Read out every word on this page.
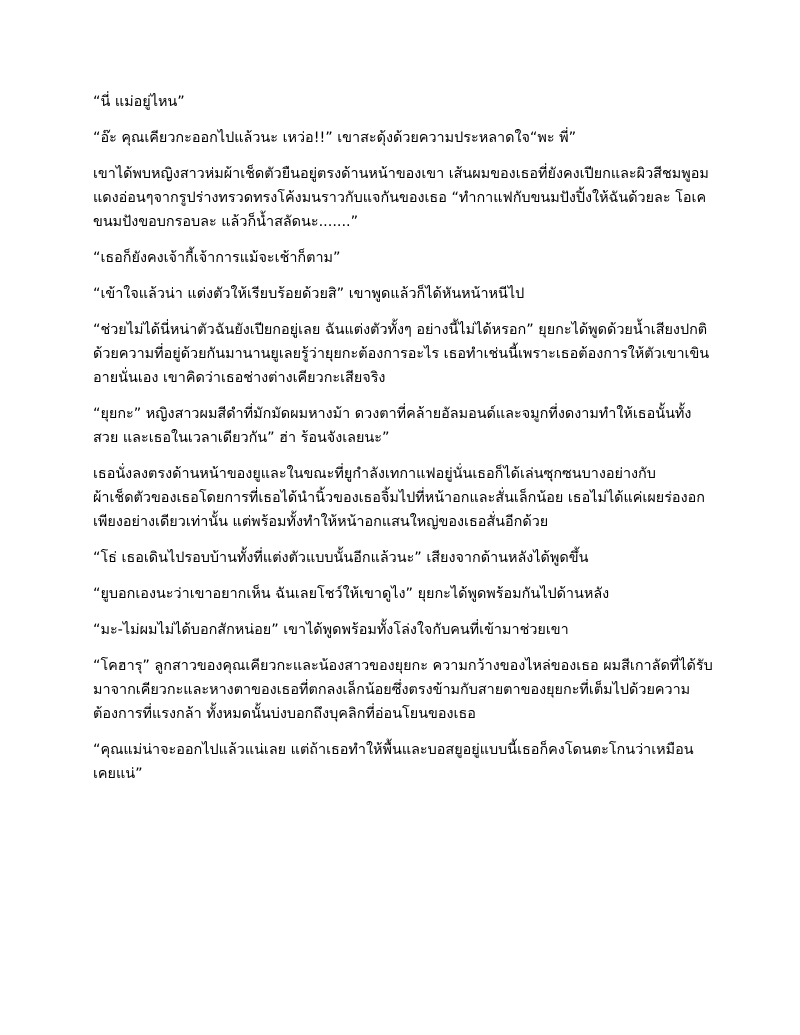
“นี่ แม่อยู่ไหน”

“อ๊ะ คุณเคียวกะออกไปแล้วนะ เหว่อ!!” เขาสะดุ้งด้วยความประหลาดใจ“พะ พี่”

เขาได้พบหญิงสาวห่มผ้าเช็ดตัวยืนอยู่ตรงด้านหน้าของเขา เส้นผมของเธอที่ยังคงเปียกและผิวสีชมพูอมแดงอ่อนๆจากรูปร่างทรวดทรงโค้งมนราวกับแจกันของเธอ “ทำกาแฟกับขนมปังปิ้งให้ฉันด้วยละ โอเค ขนมปังขอบกรอบละ แล้วก็น้ำสลัดนะ.......”

“เธอก็ยังคงเจ้ากี้เจ้าการแม้จะเช้าก็ตาม”

“เข้าใจแล้วน่า แต่งตัวให้เรียบร้อยด้วยสิ” เขาพูดแล้วก็ได้หันหน้าหนีไป

“ช่วยไม่ได้นี่หน่าตัวฉันยังเปียกอยู่เลย ฉันแต่งตัวทั้งๆ อย่างนี้ไม่ได้หรอก” ยุยกะได้พูดด้วยน้ำเสียงปกติ ด้วยความที่อยู่ด้วยกันมานานยูเลยรู้ว่ายุยกะต้องการอะไร เธอทำเช่นนี้เพราะเธอต้องการให้ตัวเขาเขินอายนั่นเอง เขาคิดว่าเธอช่างต่างเคียวกะเสียจริง

“ยุยกะ” หญิงสาวผมสีดำที่มักมัดผมหางม้า ดวงตาที่คล้ายอัลมอนด์และจมูกที่งดงามทำให้เธอนั้นทั้งสวย และเธอในเวลาเดียวกัน” ฮ่า ร้อนจังเลยนะ”

เธอนั่งลงตรงด้านหน้าของยูและในขณะที่ยูกำลังเทกาแฟอยู่นั่นเธอก็ได้เล่นซุกซนบางอย่างกับผ้าเช็ดตัวของเธอโดยการที่เธอได้นำนิ้วของเธอจิ้มไปที่หน้าอกและสั่นเล็กน้อย เธอไม่ได้แค่เผยร่องอกเพียงอย่างเดียวเท่านั้น แต่พร้อมทั้งทำให้หน้าอกแสนใหญ่ของเธอสั่นอีกด้วย

“โธ่ เธอเดินไปรอบบ้านทั้งที่แต่งตัวแบบนั้นอีกแล้วนะ” เสียงจากด้านหลังได้พูดขึ้น

“ยูบอกเองนะว่าเขาอยากเห็น ฉันเลยโชว์ให้เขาดูไง” ยุยกะได้พูดพร้อมกันไปด้านหลัง

“มะ-ไม่ผมไม่ได้บอกสักหน่อย” เขาได้พูดพร้อมทั้งโล่งใจกับคนที่เข้ามาช่วยเขา

“โคฮารุ” ลูกสาวของคุณเคียวกะและน้องสาวของยุยกะ ความกว้างของไหล่ของเธอ ผมสีเกาลัดที่ได้รับมาจากเคียวกะและหางตาของเธอที่ตกลงเล็กน้อยซึ่งตรงข้ามกับสายตาของยุยกะที่เต็มไปด้วยความต้องการที่แรงกล้า ทั้งหมดนั้นบ่งบอกถึงบุคลิกที่อ่อนโยนของเธอ

“คุณแม่น่าจะออกไปแล้วแน่เลย แต่ถ้าเธอทำให้พื้นและบอสยูอยู่แบบนี้เธอก็คงโดนตะโกนว่าเหมือนเคยแน่”
